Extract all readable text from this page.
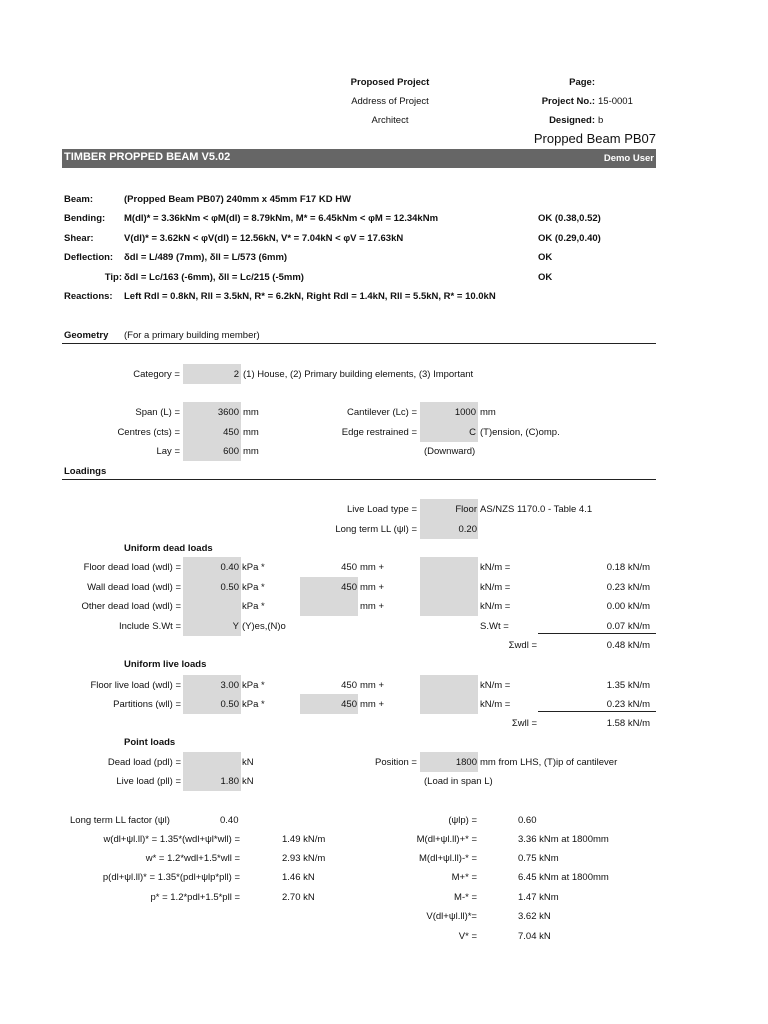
Proposed Project
Address of Project
Architect
Page:
Project No.: 15-0001
Designed: b
Propped Beam PB07
TIMBER PROPPED BEAM V5.02	Demo User
Beam:	(Propped Beam PB07) 240mm x 45mm F17 KD HW
Bending: M(dl)* = 3.36kNm < φM(dl) = 8.79kNm, M* = 6.45kNm < φM = 12.34kNm	OK (0.38,0.52)
Shear:	V(dl)* = 3.62kN < φV(dl) = 12.56kN, V* = 7.04kN < φV = 17.63kN	OK (0.29,0.40)
Deflection: δdl = L/489 (7mm), δll = L/573 (6mm)	OK
Tip: δdl = Lc/163 (-6mm), δll = Lc/215 (-5mm)	OK
Reactions: Left Rdl = 0.8kN, Rll = 3.5kN, R* = 6.2kN, Right Rdl = 1.4kN, Rll = 5.5kN, R* = 10.0kN
Geometry (For a primary building member)
Category =	2 (1) House, (2) Primary building elements, (3) Important
Span (L) =	3600 mm	Cantilever (Lc) =	1000 mm
Centres (cts) =	450 mm	Edge restrained =	C (T)ension, (C)omp.
Lay =	600 mm	(Downward)
Loadings
Live Load type =	Floor AS/NZS 1170.0 - Table 4.1
Long term LL (ψl) =	0.20
Uniform dead loads
Floor dead load (wdl) =	0.40 kPa *	450 mm +	kN/m =	0.18 kN/m
Wall dead load (wdl) =	0.50 kPa *	450 mm +	kN/m =	0.23 kN/m
Other dead load (wdl) =	kPa *	mm +	kN/m =	0.00 kN/m
Include S.Wt =	Y (Y)es,(N)o	S.Wt =	0.07 kN/m
Σwdl =	0.48 kN/m
Uniform live loads
Floor live load (wdl) =	3.00 kPa *	450 mm +	kN/m =	1.35 kN/m
Partitions (wll) =	0.50 kPa *	450 mm +	kN/m =	0.23 kN/m
Σwll =	1.58 kN/m
Point loads
Dead load (pdl) =	kN	Position =	1800 mm from LHS, (T)ip of cantilever
Live load (pll) =	1.80 kN	(Load in span L)
Long term LL factor (ψl)	0.40
w(dl+ψl.ll)* = 1.35*(wdl+ψl*wll) =	1.49 kN/m
w* = 1.2*wdl+1.5*wll =	2.93 kN/m
p(dl+ψl.ll)* = 1.35*(pdl+ψlp*pll) =	1.46 kN
p* = 1.2*pdl+1.5*pll =	2.70 kN
(ψlp) =	0.60
M(dl+ψl.ll)+* =	3.36 kNm at 1800mm
M(dl+ψl.ll)-* =	0.75 kNm
M+* =	6.45 kNm at 1800mm
M-* =	1.47 kNm
V(dl+ψl.ll)*=	3.62 kN
V* =	7.04 kN
